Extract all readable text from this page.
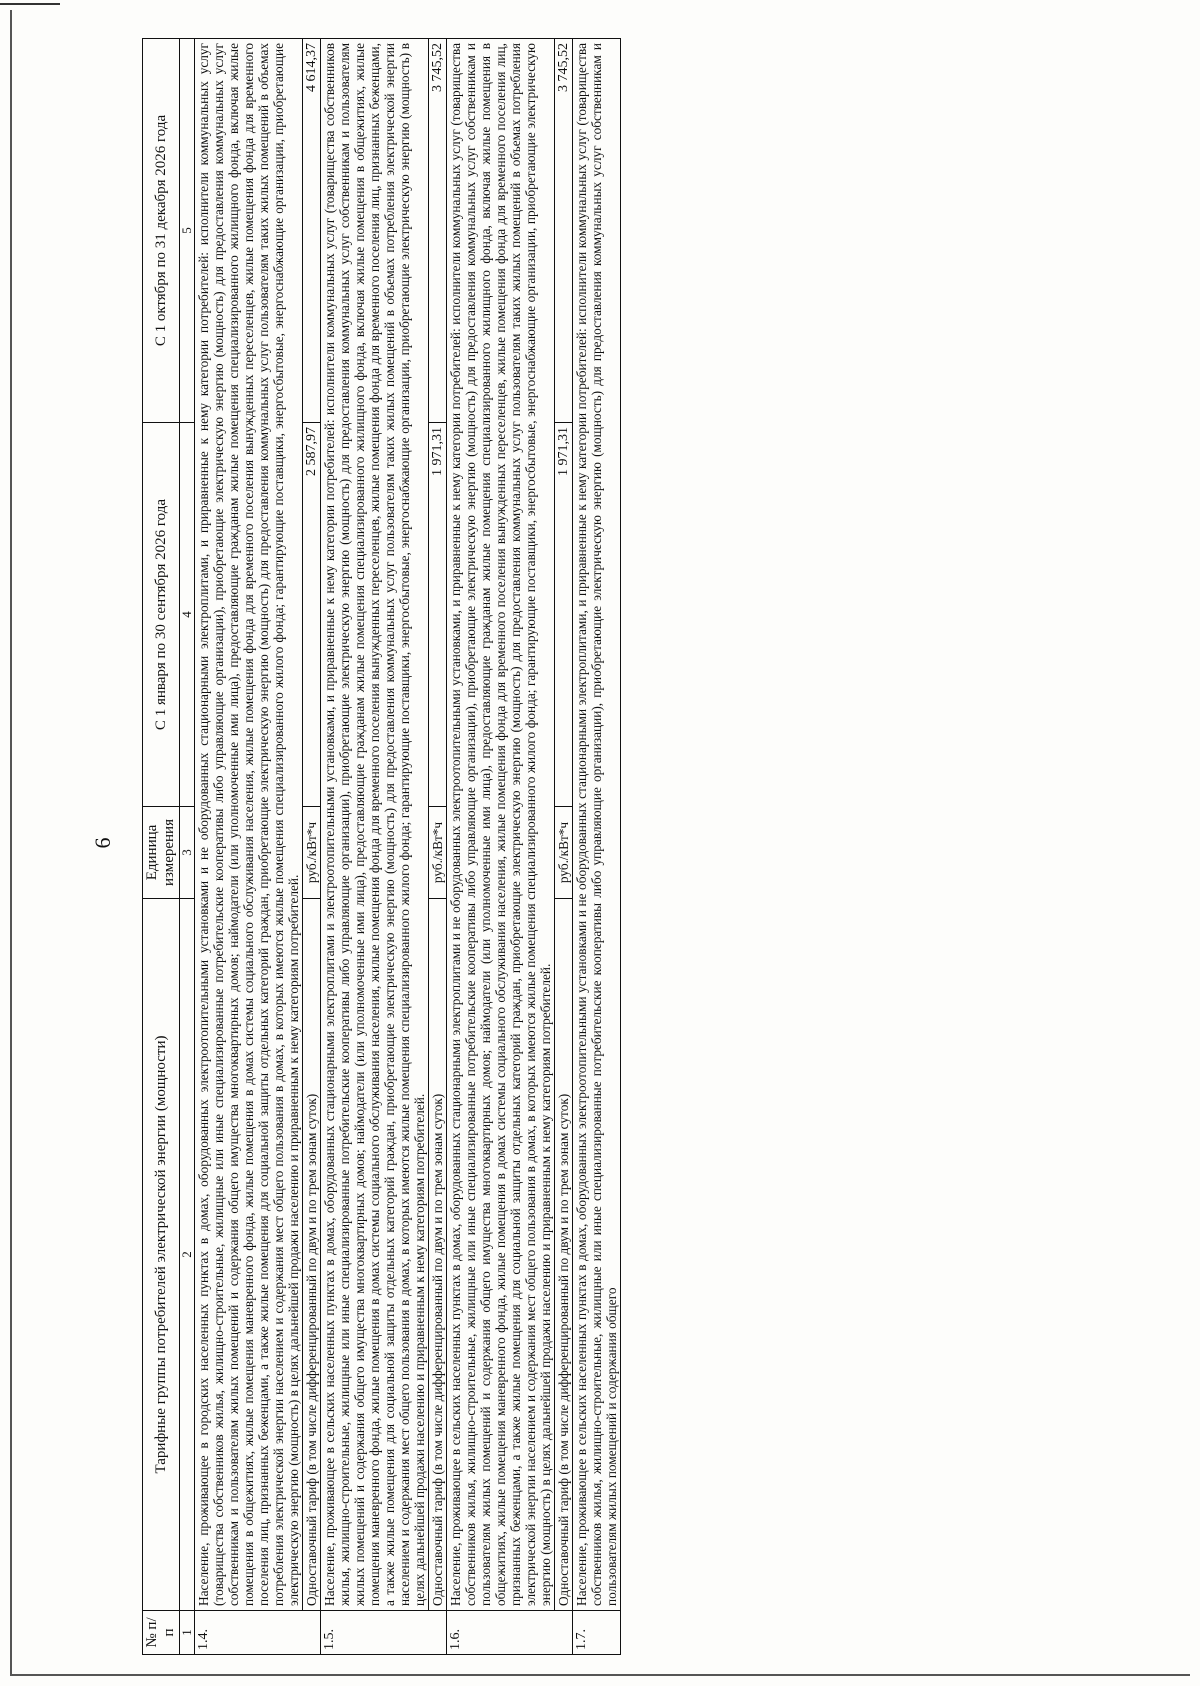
6
№ п/п	Тарифные группы потребителей электрической энергии (мощности)	Единица измерения	С 1 января по 30 сентября 2026 года	С 1 октября по 31 декабря 2026 года
1	2	3	4	5
1.4.	Население, проживающее в городских населенных пунктах в домах, оборудованных электроотопительными установками и не оборудованных стационарными электроплитами, и приравненные к нему категории потребителей: исполнители коммунальных услуг (товарищества собственников жилья, жилищно-строительные, жилищные или иные специализированные потребительские кооперативы либо управляющие организации), приобретающие электрическую энергию (мощность) для предоставления коммунальных услуг собственникам и пользователям жилых помещений и содержания общего имущества многоквартирных домов; наймодатели (или уполномоченные ими лица), предоставляющие гражданам жилые помещения специализированного жилищного фонда, включая жилые помещения в общежитиях, жилые помещения маневренного фонда, жилые помещения в домах системы социального обслуживания населения, жилые помещения фонда для временного поселения вынужденных переселенцев, жилые помещения фонда для временного поселения лиц, признанных беженцами, а также жилые помещения для социальной защиты отдельных категорий граждан, приобретающие электрическую энергию (мощность) для предоставления коммунальных услуг пользователям таких жилых помещений в объемах потребления электрической энергии населением и содержания мест общего пользования в домах, в которых имеются жилые помещения специализированного жилого фонда; гарантирующие поставщики, энергосбытовые, энергоснабжающие организации, приобретающие электрическую энергию (мощность) в целях дальнейшей продажи населению и приравненным к нему категориям потребителей.			
	Одноставочный тариф (в том числе дифференцированный по двум и по трем зонам суток)	руб./кВт*ч	2 587,97	4 614,37
1.5.	Население, проживающее в сельских населенных пунктах в домах, оборудованных стационарными электроплитами и электроотопительными установками, и приравненные к нему категории потребителей: исполнители коммунальных услуг (товарищества собственников жилья, жилищно-строительные, жилищные или иные специализированные потребительские кооперативы либо управляющие организации), приобретающие электрическую энергию (мощность) для предоставления коммунальных услуг собственникам и пользователям жилых помещений и содержания общего имущества многоквартирных домов; наймодатели (или уполномоченные ими лица), предоставляющие гражданам жилые помещения специализированного жилищного фонда, включая жилые помещения в общежитиях, жилые помещения маневренного фонда, жилые помещения в домах системы социального обслуживания населения, жилые помещения фонда для временного поселения вынужденных переселенцев, жилые помещения фонда для временного поселения лиц, признанных беженцами, а также жилые помещения для социальной защиты отдельных категорий граждан, приобретающие электрическую энергию (мощность) для предоставления коммунальных услуг пользователям таких жилых помещений в объемах потребления электрической энергии населением и содержания мест общего пользования в домах, в которых имеются жилые помещения специализированного жилого фонда; гарантирующие поставщики, энергосбытовые, энергоснабжающие организации, приобретающие электрическую энергию (мощность) в целях дальнейшей продажи населению и приравненным к нему категориям потребителей.			
	Одноставочный тариф (в том числе дифференцированный по двум и по трем зонам суток)	руб./кВт*ч	1 971,31	3 745,52
1.6.	Население, проживающее в сельских населенных пунктах в домах, оборудованных стационарными электроплитами и не оборудованных электроотопительными установками, и приравненные к нему категории потребителей: исполнители коммунальных услуг (товарищества собственников жилья, жилищно-строительные, жилищные или иные специализированные потребительские кооперативы либо управляющие организации), приобретающие электрическую энергию (мощность) для предоставления коммунальных услуг собственникам и пользователям жилых помещений и содержания общего имущества многоквартирных домов; наймодатели (или уполномоченные ими лица), предоставляющие гражданам жилые помещения специализированного жилищного фонда, включая жилые помещения в общежитиях, жилые помещения маневренного фонда, жилые помещения в домах системы социального обслуживания населения, жилые помещения фонда для временного поселения вынужденных переселенцев, жилые помещения фонда для временного поселения лиц, признанных беженцами, а также жилые помещения для социальной защиты отдельных категорий граждан, приобретающие электрическую энергию (мощность) для предоставления коммунальных услуг пользователям таких жилых помещений в объемах потребления электрической энергии населением и содержания мест общего пользования в домах, в которых имеются жилые помещения специализированного жилого фонда; гарантирующие поставщики, энергосбытовые, энергоснабжающие организации, приобретающие электрическую энергию (мощность) в целях дальнейшей продажи населению и приравненным к нему категориям потребителей.			
	Одноставочный тариф (в том числе дифференцированный по двум и по трем зонам суток)	руб./кВт*ч	1 971,31	3 745,52
1.7.	Население, проживающее в сельских населенных пунктах в домах, оборудованных электроотопительными установками и не оборудованных стационарными электроплитами, и приравненные к нему категории потребителей: исполнители коммунальных услуг (товарищества собственников жилья, жилищно-строительные, жилищные или иные специализированные потребительские кооперативы либо управляющие организации), приобретающие электрическую энергию (мощность) для предоставления коммунальных услуг собственникам и пользователям жилых помещений и содержания общего			
